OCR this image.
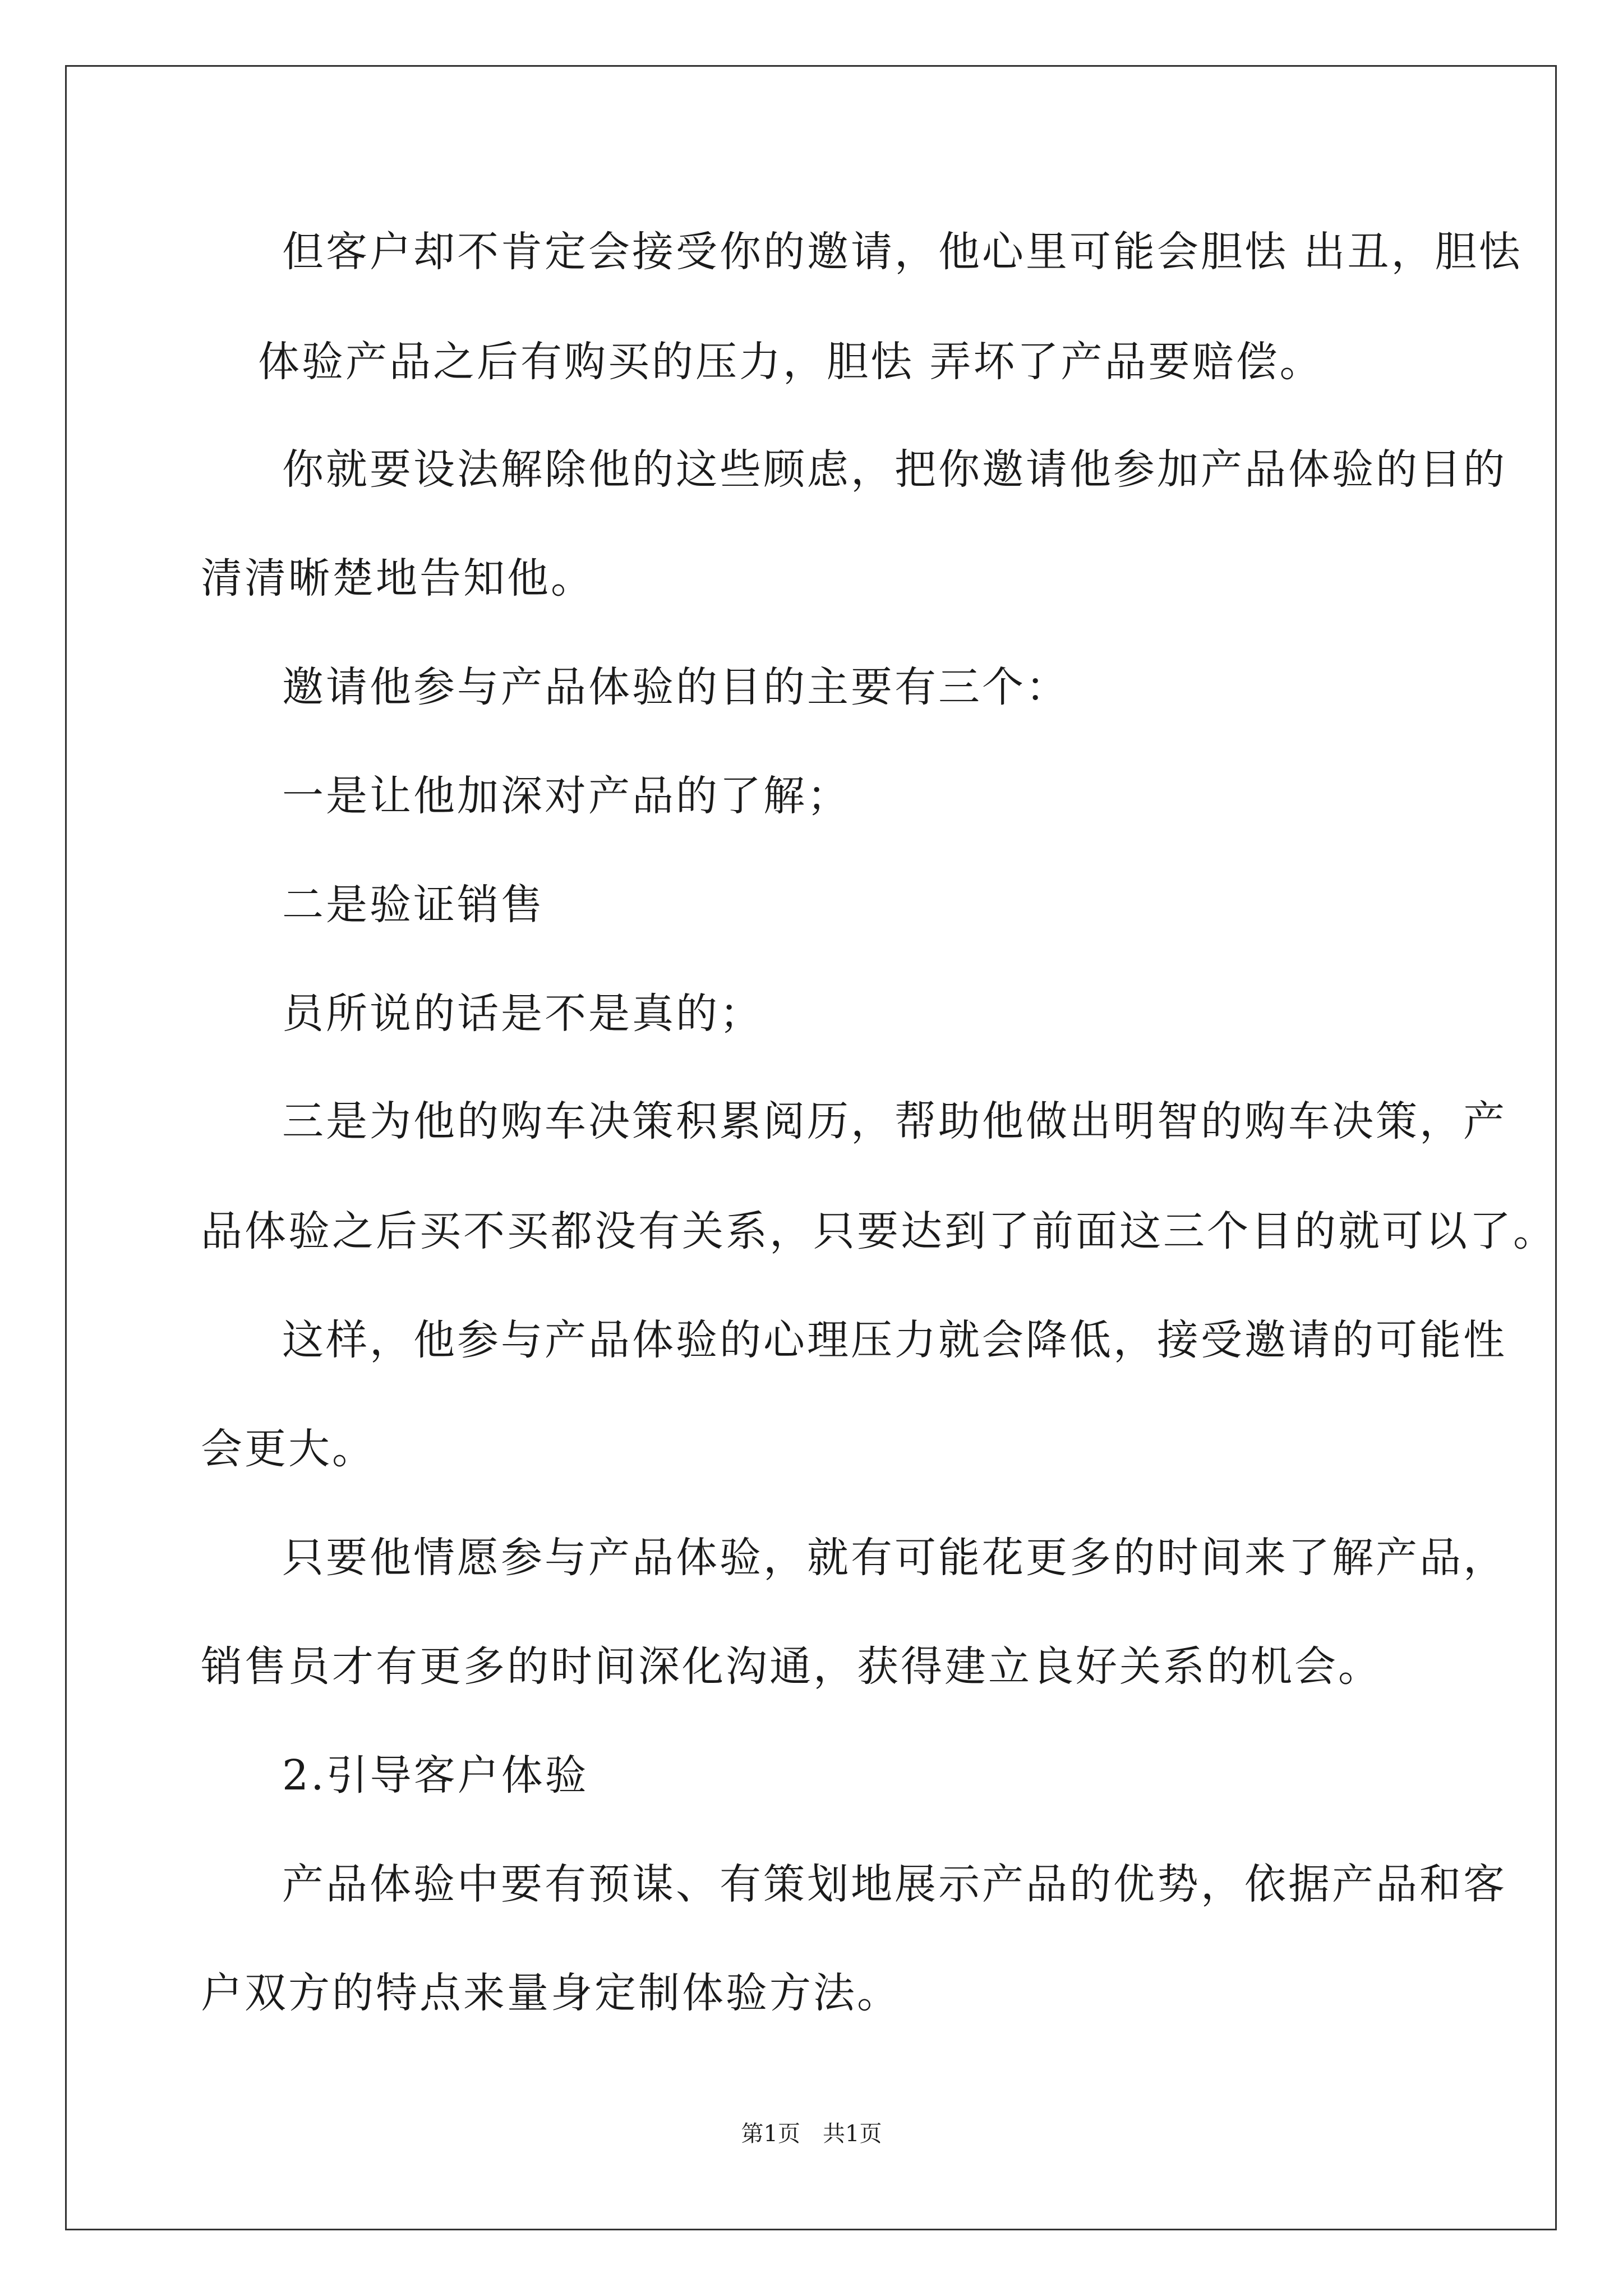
但客户却不肯定会接受你的邀请，他心里可能会胆怯 出丑，胆怯
体验产品之后有购买的压力，胆怯 弄坏了产品要赔偿。
你就要设法解除他的这些顾虑，把你邀请他参加产品体验的目的
清清晰楚地告知他。
邀请他参与产品体验的目的主要有三个：
一是让他加深对产品的了解；
二是验证销售
员所说的话是不是真的；
三是为他的购车决策积累阅历，帮助他做出明智的购车决策，产
品体验之后买不买都没有关系，只要达到了前面这三个目的就可以了。
这样，他参与产品体验的心理压力就会降低，接受邀请的可能性
会更大。
只要他情愿参与产品体验，就有可能花更多的时间来了解产品，
销售员才有更多的时间深化沟通，获得建立良好关系的机会。
2.引导客户体验
产品体验中要有预谋、有策划地展示产品的优势，依据产品和客
户双方的特点来量身定制体验方法。
第1页　共1页
